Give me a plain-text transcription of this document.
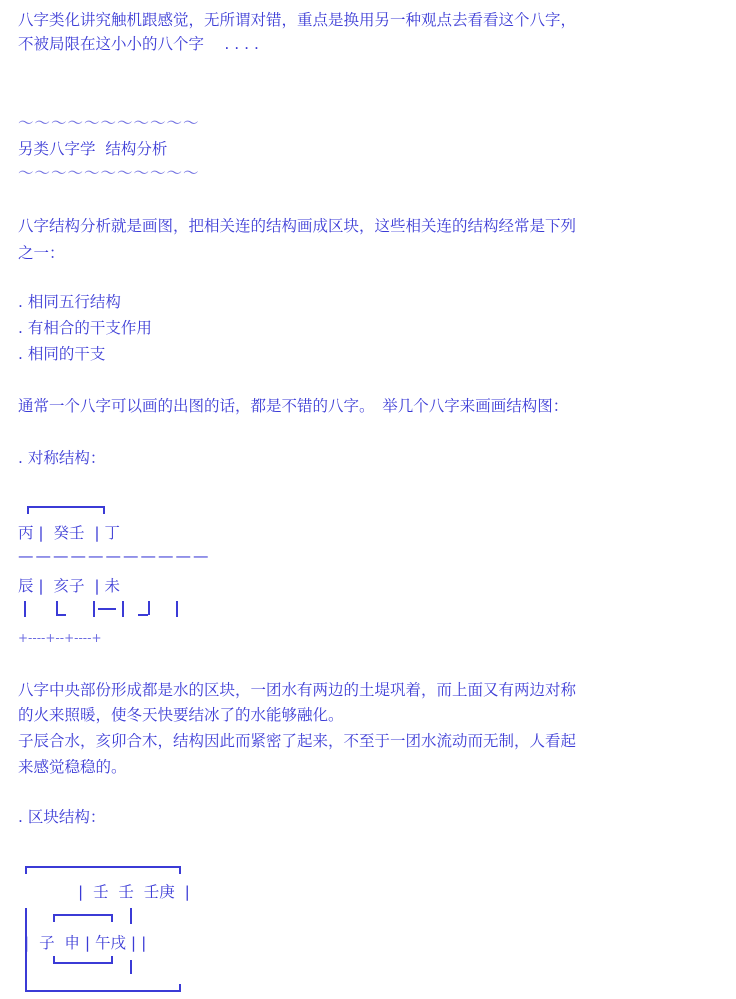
八字类化讲究触机跟感觉，无所谓对错，重点是换用另一种观点去看看这个八字，
不被局限在这小小的八个字 　. . . .
～～～～～～～～～～～
另类八字学  结构分析
～～～～～～～～～～～
八字结构分析就是画图，把相关连的结构画成区块，这些相关连的结构经常是下列
之一：
. 相同五行结构
. 有相合的干支作用
. 相同的干支
通常一个八字可以画的出图的话，都是不错的八字。　举几个八字来画画结构图：
. 对称结构：
丙 |  癸壬  | 丁
———————————
辰 |  亥子  | 未
+----+--+----+
八字中央部份形成都是水的区块，一团水有两边的土堤巩着，而上面又有两边对称
的火来照暖，使冬天快要结冰了的水能够融化。
子辰合水，亥卯合木，结构因此而紧密了起来，不至于一团水流动而无制，人看起
来感觉稳稳的。
. 区块结构：
|  壬  壬  壬庚  |
|  子  申 | 午戌 | |
